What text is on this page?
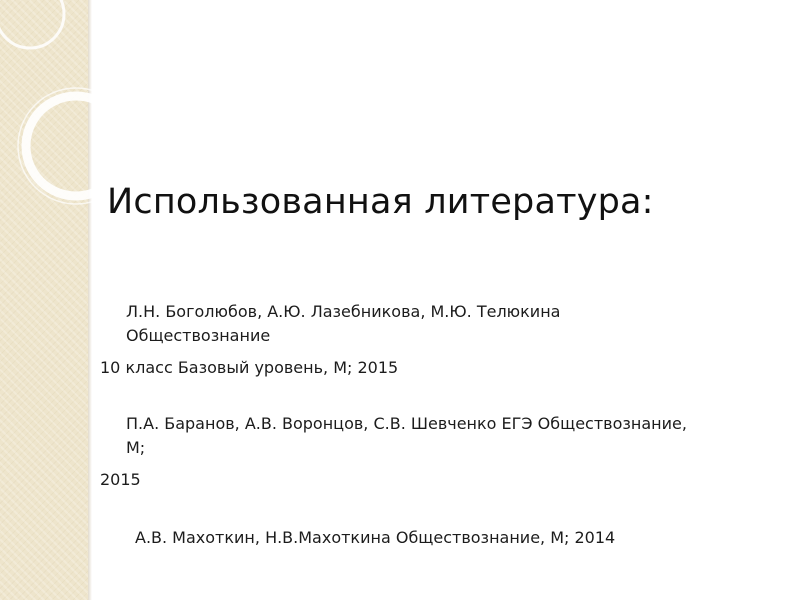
Использованная литература:
Л.Н. Боголюбов, А.Ю. Лазебникова, М.Ю. Телюкина
Обществознание
10 класс Базовый уровень, М; 2015
П.А. Баранов, А.В. Воронцов, С.В. Шевченко ЕГЭ Обществознание,
М;
2015
А.В. Махоткин, Н.В.Махоткина Обществознание, М; 2014
